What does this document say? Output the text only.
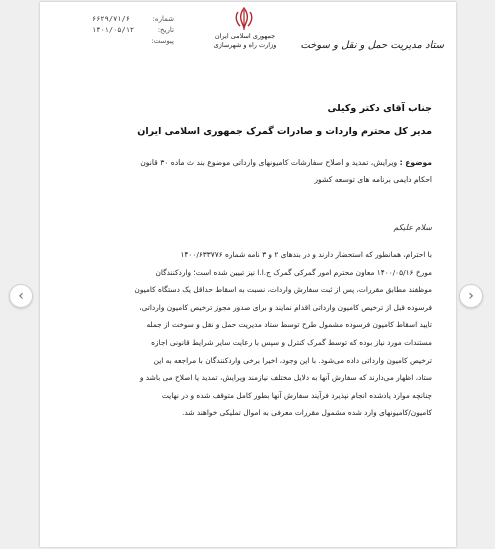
شماره:
۶۶۲۹/۷۱/۶
تاریخ:
۱۴۰۱/۰۵/۱۲
پیوست:
جمهوری اسلامی ایران
وزارت راه و شهرسازی	ستاد مدیریت حمل و نقل و سوخت
جناب آقای دکتر وکیلی
مدیر کل محترم واردات و صادرات گمرک جمهوری اسلامی ایران
موضوع : ویرایش، تمدید و اصلاح سفارشات کامیونهای وارداتی موضوع بند ث ماده ۳۰ قانون
احکام دایمی برنامه های توسعه کشور
سلام علیکم
با احترام، همانطور که استحضار دارند و در بندهای ۲ و ۳ نامه شماره ۱۴۰۰/۶۳۳۷۷۶
مورخ ۱۴۰۰/۰۵/۱۶ معاون محترم امور گمرکی گمرک ج.ا.ا نیز تبیین شده است؛ واردکنندگان
موظفند مطابق مقررات، پس از ثبت سفارش واردات، نسبت به اسقاط حداقل یک دستگاه کامیون
فرسوده قبل از ترخیص کامیون وارداتی اقدام نمایند و برای صدور مجوز ترخیص کامیون وارداتی،
تایید اسقاط کامیون فرسوده مشمول طرح توسط ستاد مدیریت حمل و نقل و سوخت از جمله
مستندات مورد نیاز بوده که توسط گمرک کنترل و سپس با رعایت سایر شرایط قانونی اجازه
ترخیص کامیون وارداتی داده می‌شود. با این وجود، اخیرا برخی واردکنندگان با مراجعه به این
ستاد، اظهار می‌دارند که سفارش آنها به دلایل مختلف نیازمند ویرایش، تمدید یا اصلاح می باشد و
چنانچه موارد یادشده انجام نپذیرد فرآیند سفارش آنها بطور کامل متوقف شده و در نهایت
کامیون/کامیونهای وارد شده مشمول مقررات معرفی به اموال تملیکی خواهند شد.
‹	›
